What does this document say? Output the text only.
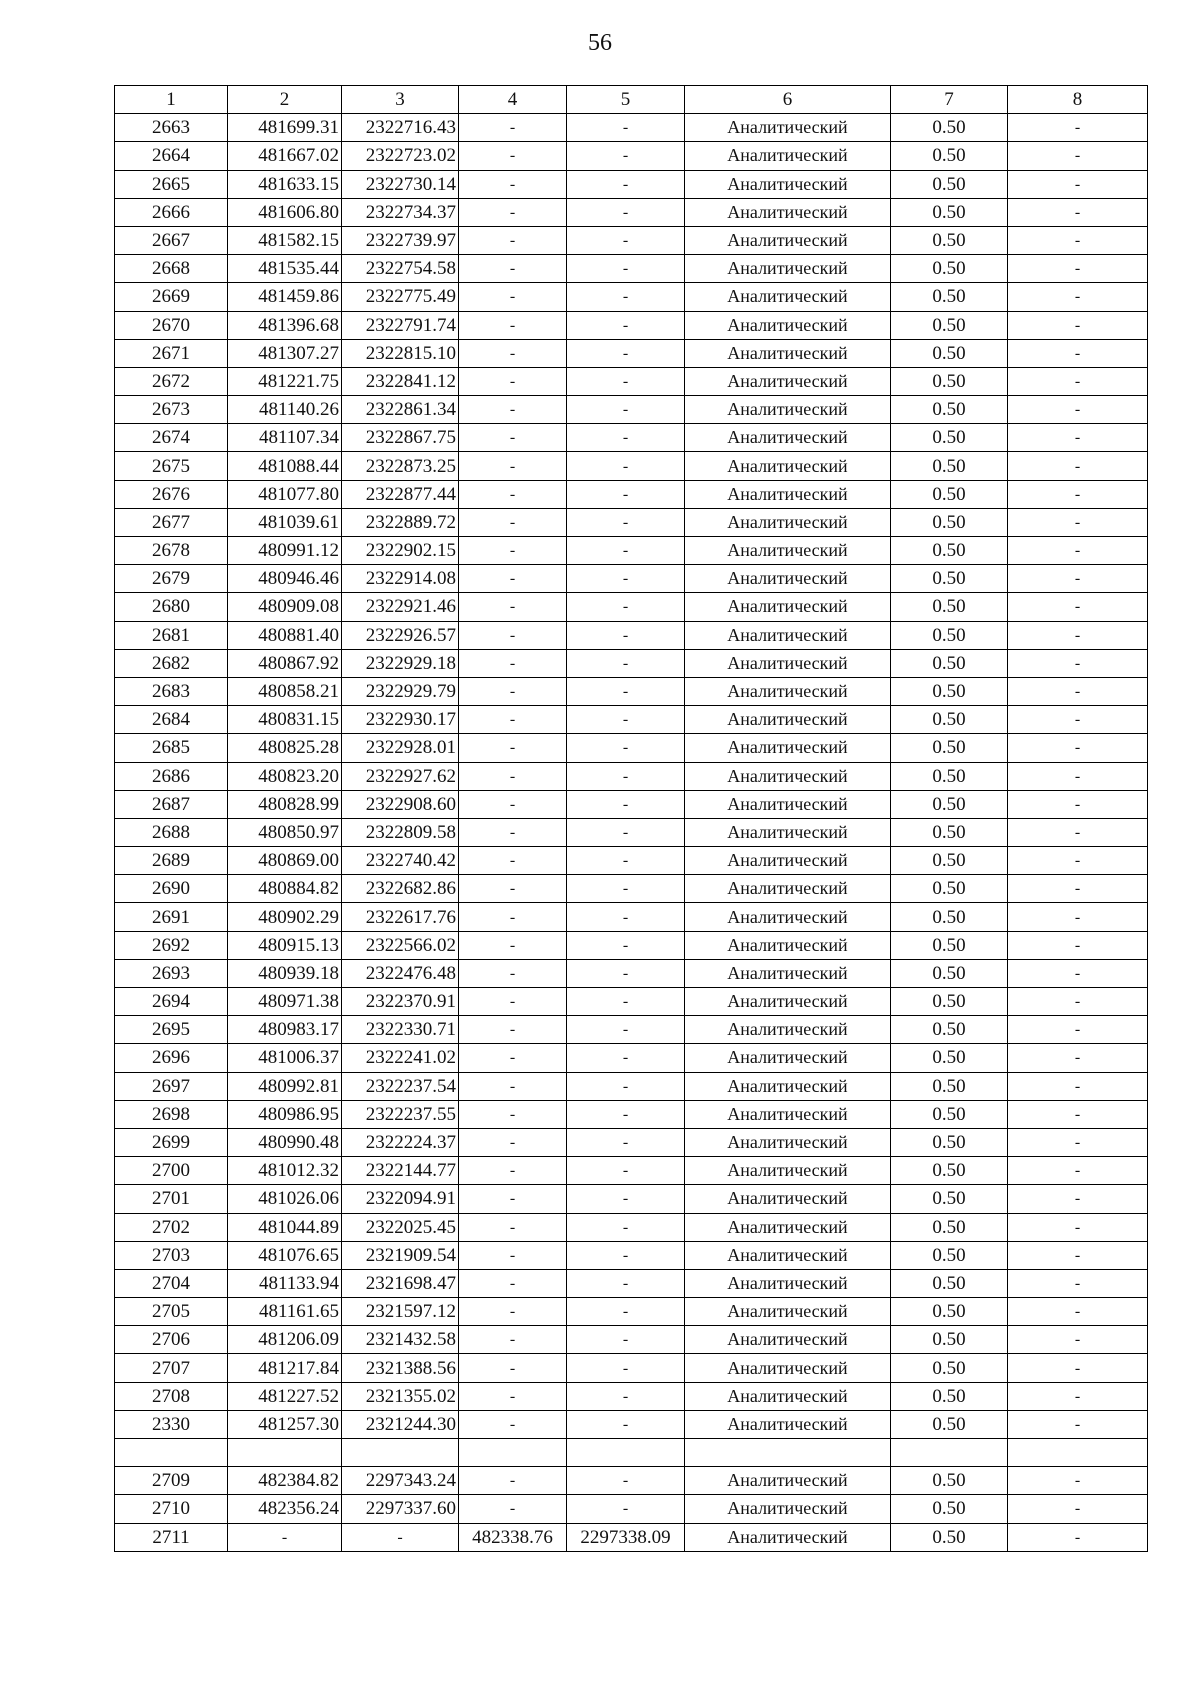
56
1	2	3	4	5	6	7	8
2663	481699.31	2322716.43	-	-	Аналитический	0.50	-
2664	481667.02	2322723.02	-	-	Аналитический	0.50	-
2665	481633.15	2322730.14	-	-	Аналитический	0.50	-
2666	481606.80	2322734.37	-	-	Аналитический	0.50	-
2667	481582.15	2322739.97	-	-	Аналитический	0.50	-
2668	481535.44	2322754.58	-	-	Аналитический	0.50	-
2669	481459.86	2322775.49	-	-	Аналитический	0.50	-
2670	481396.68	2322791.74	-	-	Аналитический	0.50	-
2671	481307.27	2322815.10	-	-	Аналитический	0.50	-
2672	481221.75	2322841.12	-	-	Аналитический	0.50	-
2673	481140.26	2322861.34	-	-	Аналитический	0.50	-
2674	481107.34	2322867.75	-	-	Аналитический	0.50	-
2675	481088.44	2322873.25	-	-	Аналитический	0.50	-
2676	481077.80	2322877.44	-	-	Аналитический	0.50	-
2677	481039.61	2322889.72	-	-	Аналитический	0.50	-
2678	480991.12	2322902.15	-	-	Аналитический	0.50	-
2679	480946.46	2322914.08	-	-	Аналитический	0.50	-
2680	480909.08	2322921.46	-	-	Аналитический	0.50	-
2681	480881.40	2322926.57	-	-	Аналитический	0.50	-
2682	480867.92	2322929.18	-	-	Аналитический	0.50	-
2683	480858.21	2322929.79	-	-	Аналитический	0.50	-
2684	480831.15	2322930.17	-	-	Аналитический	0.50	-
2685	480825.28	2322928.01	-	-	Аналитический	0.50	-
2686	480823.20	2322927.62	-	-	Аналитический	0.50	-
2687	480828.99	2322908.60	-	-	Аналитический	0.50	-
2688	480850.97	2322809.58	-	-	Аналитический	0.50	-
2689	480869.00	2322740.42	-	-	Аналитический	0.50	-
2690	480884.82	2322682.86	-	-	Аналитический	0.50	-
2691	480902.29	2322617.76	-	-	Аналитический	0.50	-
2692	480915.13	2322566.02	-	-	Аналитический	0.50	-
2693	480939.18	2322476.48	-	-	Аналитический	0.50	-
2694	480971.38	2322370.91	-	-	Аналитический	0.50	-
2695	480983.17	2322330.71	-	-	Аналитический	0.50	-
2696	481006.37	2322241.02	-	-	Аналитический	0.50	-
2697	480992.81	2322237.54	-	-	Аналитический	0.50	-
2698	480986.95	2322237.55	-	-	Аналитический	0.50	-
2699	480990.48	2322224.37	-	-	Аналитический	0.50	-
2700	481012.32	2322144.77	-	-	Аналитический	0.50	-
2701	481026.06	2322094.91	-	-	Аналитический	0.50	-
2702	481044.89	2322025.45	-	-	Аналитический	0.50	-
2703	481076.65	2321909.54	-	-	Аналитический	0.50	-
2704	481133.94	2321698.47	-	-	Аналитический	0.50	-
2705	481161.65	2321597.12	-	-	Аналитический	0.50	-
2706	481206.09	2321432.58	-	-	Аналитический	0.50	-
2707	481217.84	2321388.56	-	-	Аналитический	0.50	-
2708	481227.52	2321355.02	-	-	Аналитический	0.50	-
2330	481257.30	2321244.30	-	-	Аналитический	0.50	-

2709	482384.82	2297343.24	-	-	Аналитический	0.50	-
2710	482356.24	2297337.60	-	-	Аналитический	0.50	-
2711	-	-	482338.76	2297338.09	Аналитический	0.50	-
